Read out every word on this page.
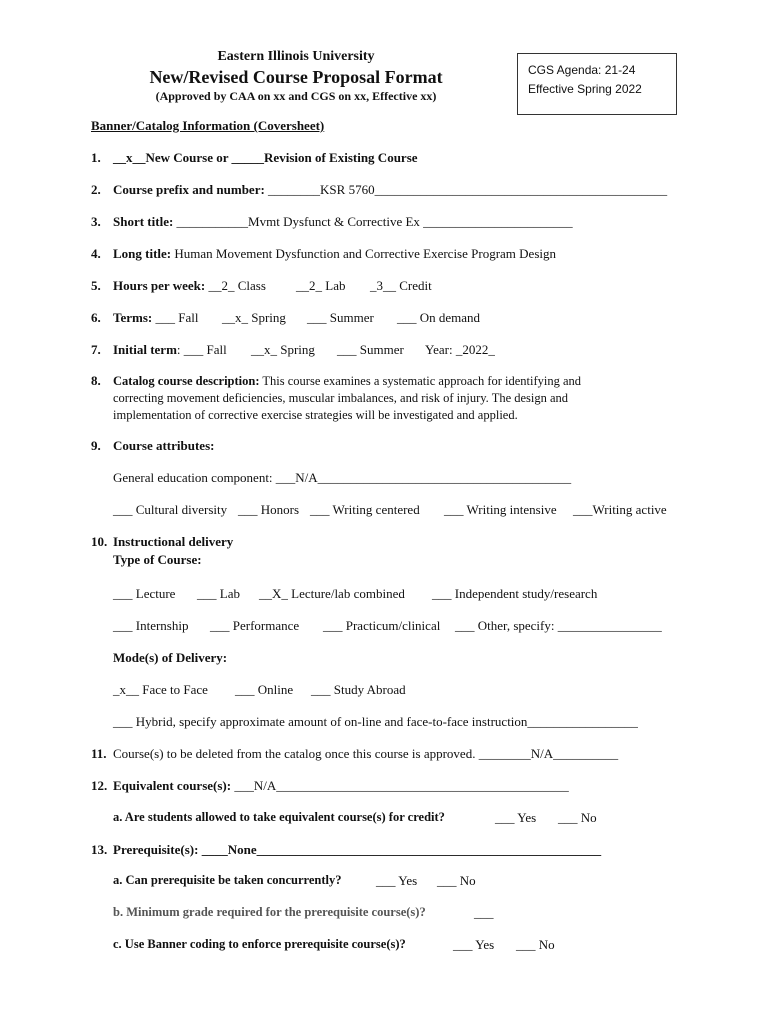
Eastern Illinois University
New/Revised Course Proposal Format
(Approved by CAA on xx and CGS on xx, Effective xx)
CGS Agenda: 21-24
Effective Spring 2022
Banner/Catalog Information (Coversheet)
1. __x__New Course or _____Revision of Existing Course
2. Course prefix and number: ________KSR 5760_____________________________________________
3. Short title: ___________Mvmt Dysfunct & Corrective Ex _______________________
4. Long title: Human Movement Dysfunction and Corrective Exercise Program Design
5. Hours per week: __2_ Class __2_ Lab _3__ Credit
6. Terms: ___ Fall __x_ Spring ___ Summer ___ On demand
7. Initial term: ___ Fall __x_ Spring ___ Summer Year: _2022_
8. Catalog course description: This course examines a systematic approach for identifying and correcting movement deficiencies, muscular imbalances, and risk of injury. The design and implementation of corrective exercise strategies will be investigated and applied.
9. Course attributes:
General education component: ___N/A_______________________________________
___ Cultural diversity ___ Honors ___ Writing centered ___ Writing intensive ___Writing active
10. Instructional delivery
Type of Course:
___ Lecture ___ Lab __X_ Lecture/lab combined ___ Independent study/research
___ Internship ___ Performance ___ Practicum/clinical ___ Other, specify: ________________
Mode(s) of Delivery:
_x__ Face to Face ___ Online ___ Study Abroad
___ Hybrid, specify approximate amount of on-line and face-to-face instruction_________________
11. Course(s) to be deleted from the catalog once this course is approved. ________N/A__________
12. Equivalent course(s): ___N/A_____________________________________________
a. Are students allowed to take equivalent course(s) for credit?	___ Yes ___ No
13. Prerequisite(s): ____None_____________________________________________________
a. Can prerequisite be taken concurrently?	___ Yes ___ No
b. Minimum grade required for the prerequisite course(s)?	___
c. Use Banner coding to enforce prerequisite course(s)?	___ Yes ___ No
